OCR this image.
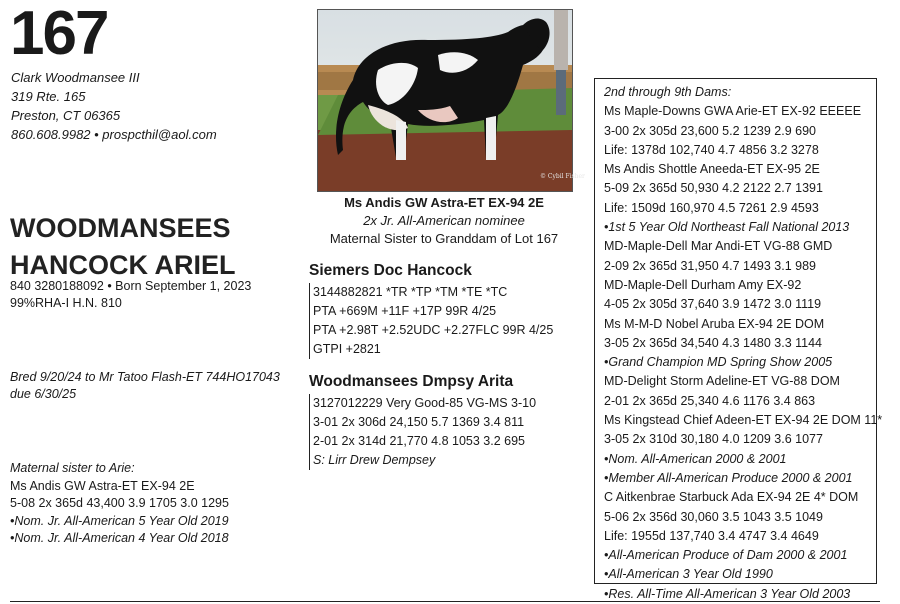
167
Clark Woodmansee III
319 Rte. 165
Preston, CT 06365
860.608.9982 • prospcthil@aol.com
WOODMANSEES
HANCOCK ARIEL
840 3280188092 • Born September 1, 2023
99%RHA-I H.N. 810
Bred 9/20/24 to Mr Tatoo Flash-ET 744HO17043
due 6/30/25
Maternal sister to Arie:
Ms Andis GW Astra-ET EX-94 2E
5-08 2x 365d 43,400 3.9 1705 3.0 1295
•Nom. Jr. All-American 5 Year Old 2019
•Nom. Jr. All-American 4 Year Old 2018
© Cybil Fisher
Ms Andis GW Astra-ET EX-94 2E
2x Jr. All-American nominee
Maternal Sister to Granddam of Lot 167
Siemers Doc Hancock
3144882821 *TR *TP *TM *TE *TC
PTA +669M +11F +17P 99R 4/25
PTA +2.98T +2.52UDC +2.27FLC 99R 4/25
GTPI +2821
Woodmansees Dmpsy Arita
3127012229 Very Good-85 VG-MS 3-10
3-01 2x 306d 24,150 5.7 1369 3.4 811
2-01 2x 314d 21,770 4.8 1053 3.2 695
S: Lirr Drew Dempsey
2nd through 9th Dams:
Ms Maple-Downs GWA Arie-ET EX-92 EEEEE
3-00 2x 305d 23,600 5.2 1239 2.9 690
Life: 1378d 102,740 4.7 4856 3.2 3278
Ms Andis Shottle Aneeda-ET EX-95 2E
5-09 2x 365d 50,930 4.2 2122 2.7 1391
Life: 1509d 160,970 4.5 7261 2.9 4593
•1st 5 Year Old Northeast Fall National 2013
MD-Maple-Dell Mar Andi-ET VG-88 GMD
2-09 2x 365d 31,950 4.7 1493 3.1 989
MD-Maple-Dell Durham Amy EX-92
4-05 2x 305d 37,640 3.9 1472 3.0 1119
Ms M-M-D Nobel Aruba EX-94 2E DOM
3-05 2x 365d 34,540 4.3 1480 3.3 1144
•Grand Champion MD Spring Show 2005
MD-Delight Storm Adeline-ET VG-88 DOM
2-01 2x 365d 25,340 4.6 1176 3.4 863
Ms Kingstead Chief Adeen-ET EX-94 2E DOM 11*
3-05 2x 310d 30,180 4.0 1209 3.6 1077
•Nom. All-American 2000 & 2001
•Member All-American Produce 2000 & 2001
C Aitkenbrae Starbuck Ada EX-94 2E 4* DOM
5-06 2x 356d 30,060 3.5 1043 3.5 1049
Life: 1955d 137,740 3.4 4747 3.4 4649
•All-American Produce of Dam 2000 & 2001
•All-American 3 Year Old 1990
•Res. All-Time All-American 3 Year Old 2003
